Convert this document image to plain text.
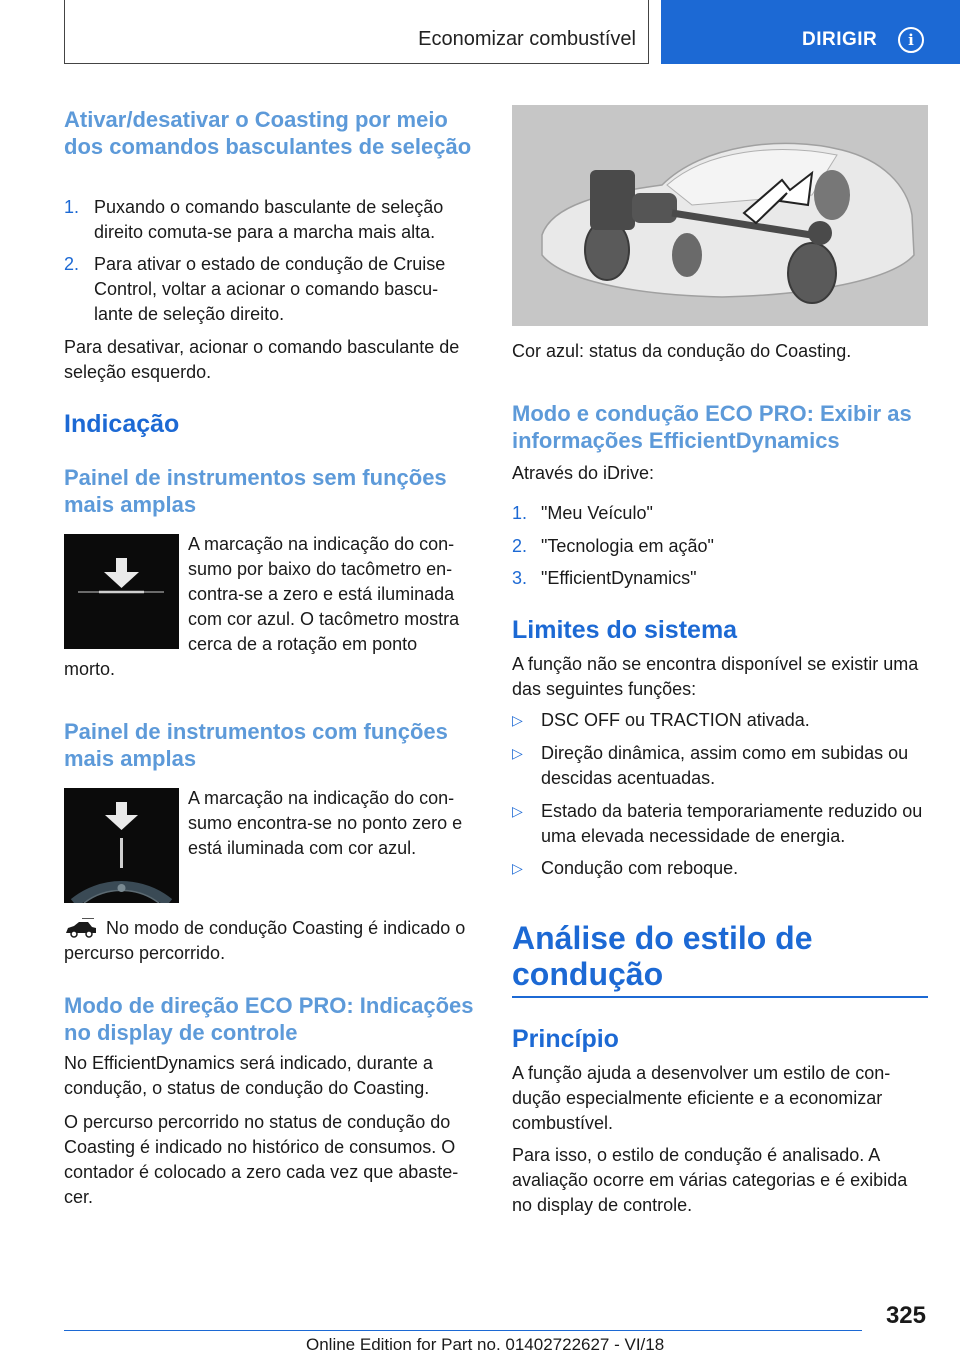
Economizar combustível	DIRIGIR	i
Ativar/desativar o Coasting por meio dos comandos basculantes de seleção
1. Puxando o comando basculante de seleção direito comuta-se para a marcha mais alta.
2. Para ativar o estado de condução de Cruise Control, voltar a acionar o comando bascu-lante de seleção direito.
Para desativar, acionar o comando basculante de seleção esquerdo.
Indicação
Painel de instrumentos sem funções mais amplas
A marcação na indicação do con-sumo por baixo do tacômetro en-contra-se a zero e está iluminada com cor azul. O tacômetro mostra cerca de a rotação em ponto
morto.
Painel de instrumentos com funções mais amplas
A marcação na indicação do con-sumo encontra-se no ponto zero e está iluminada com cor azul.
No modo de condução Coasting é indicado o percurso percorrido.
Modo de direção ECO PRO: Indicações no display de controle
No EfficientDynamics será indicado, durante a condução, o status de condução do Coasting.
O percurso percorrido no status de condução do Coasting é indicado no histórico de consumos. O contador é colocado a zero cada vez que abaste-cer.
Cor azul: status da condução do Coasting.
Modo e condução ECO PRO: Exibir as informações EfficientDynamics
Através do iDrive:
1. "Meu Veículo"
2. "Tecnologia em ação"
3. "EfficientDynamics"
Limites do sistema
A função não se encontra disponível se existir uma das seguintes funções:
▷ DSC OFF ou TRACTION ativada.
▷ Direção dinâmica, assim como em subidas ou descidas acentuadas.
▷ Estado da bateria temporariamente reduzido ou uma elevada necessidade de energia.
▷ Condução com reboque.
Análise do estilo de condução
Princípio
A função ajuda a desenvolver um estilo de con-dução especialmente eficiente e a economizar combustível.
Para isso, o estilo de condução é analisado. A avaliação ocorre em várias categorias e é exibida no display de controle.
325
Online Edition for Part no. 01402722627 - VI/18
